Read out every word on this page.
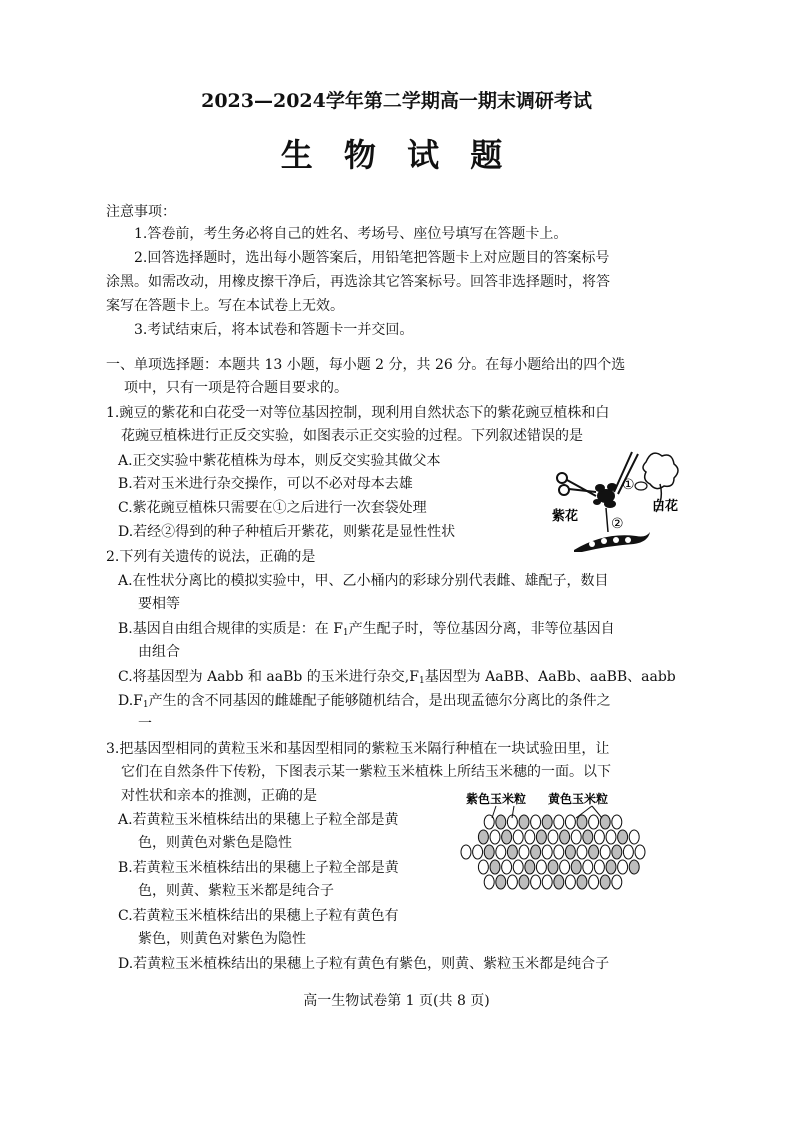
2023—2024学年第二学期高一期末调研考试
生 物 试 题
注意事项：
1.答卷前，考生务必将自己的姓名、考场号、座位号填写在答题卡上。
2.回答选择题时，选出每小题答案后，用铅笔把答题卡上对应题目的答案标号
涂黑。如需改动，用橡皮擦干净后，再选涂其它答案标号。回答非选择题时，将答
案写在答题卡上。写在本试卷上无效。
3.考试结束后，将本试卷和答题卡一并交回。
一、单项选择题：本题共 13 小题，每小题 2 分，共 26 分。在每小题给出的四个选
项中，只有一项是符合题目要求的。
1.豌豆的紫花和白花受一对等位基因控制，现利用自然状态下的紫花豌豆植株和白
花豌豆植株进行正反交实验，如图表示正交实验的过程。下列叙述错误的是
A.正交实验中紫花植株为母本，则反交实验其做父本
B.若对玉米进行杂交操作，可以不必对母本去雄
C.紫花豌豆植株只需要在①之后进行一次套袋处理
D.若经②得到的种子种植后开紫花，则紫花是显性性状
①
白花
紫花 ②
2.下列有关遗传的说法，正确的是
A.在性状分离比的模拟实验中，甲、乙小桶内的彩球分别代表雌、雄配子，数目
要相等
B.基因自由组合规律的实质是：在 $F_1$产生配子时，等位基因分离，非等位基因自
由组合
C.将基因型为 Aabb 和 aaBb 的玉米进行杂交$,F_1$基因型为 AaBB、AaBb、aaBB、aabb
$D.F_1$产生的含不同基因的雌雄配子能够随机结合，是出现孟德尔分离比的条件之
一
3.把基因型相同的黄粒玉米和基因型相同的紫粒玉米隔行种植在一块试验田里，让
它们在自然条件下传粉，下图表示某一紫粒玉米植株上所结玉米穗的一面。以下
对性状和亲本的推测，正确的是
A.若黄粒玉米植株结出的果穗上子粒全部是黄
色，则黄色对紫色是隐性
B.若黄粒玉米植株结出的果穗上子粒全部是黄
色，则黄、紫粒玉米都是纯合子
C.若黄粒玉米植株结出的果穗上子粒有黄色有
紫色，则黄色对紫色为隐性
D.若黄粒玉米植株结出的果穗上子粒有黄色有紫色，则黄、紫粒玉米都是纯合子
紫色玉米粒 黄色玉米粒
高一生物试卷第 1 页(共 8 页)
